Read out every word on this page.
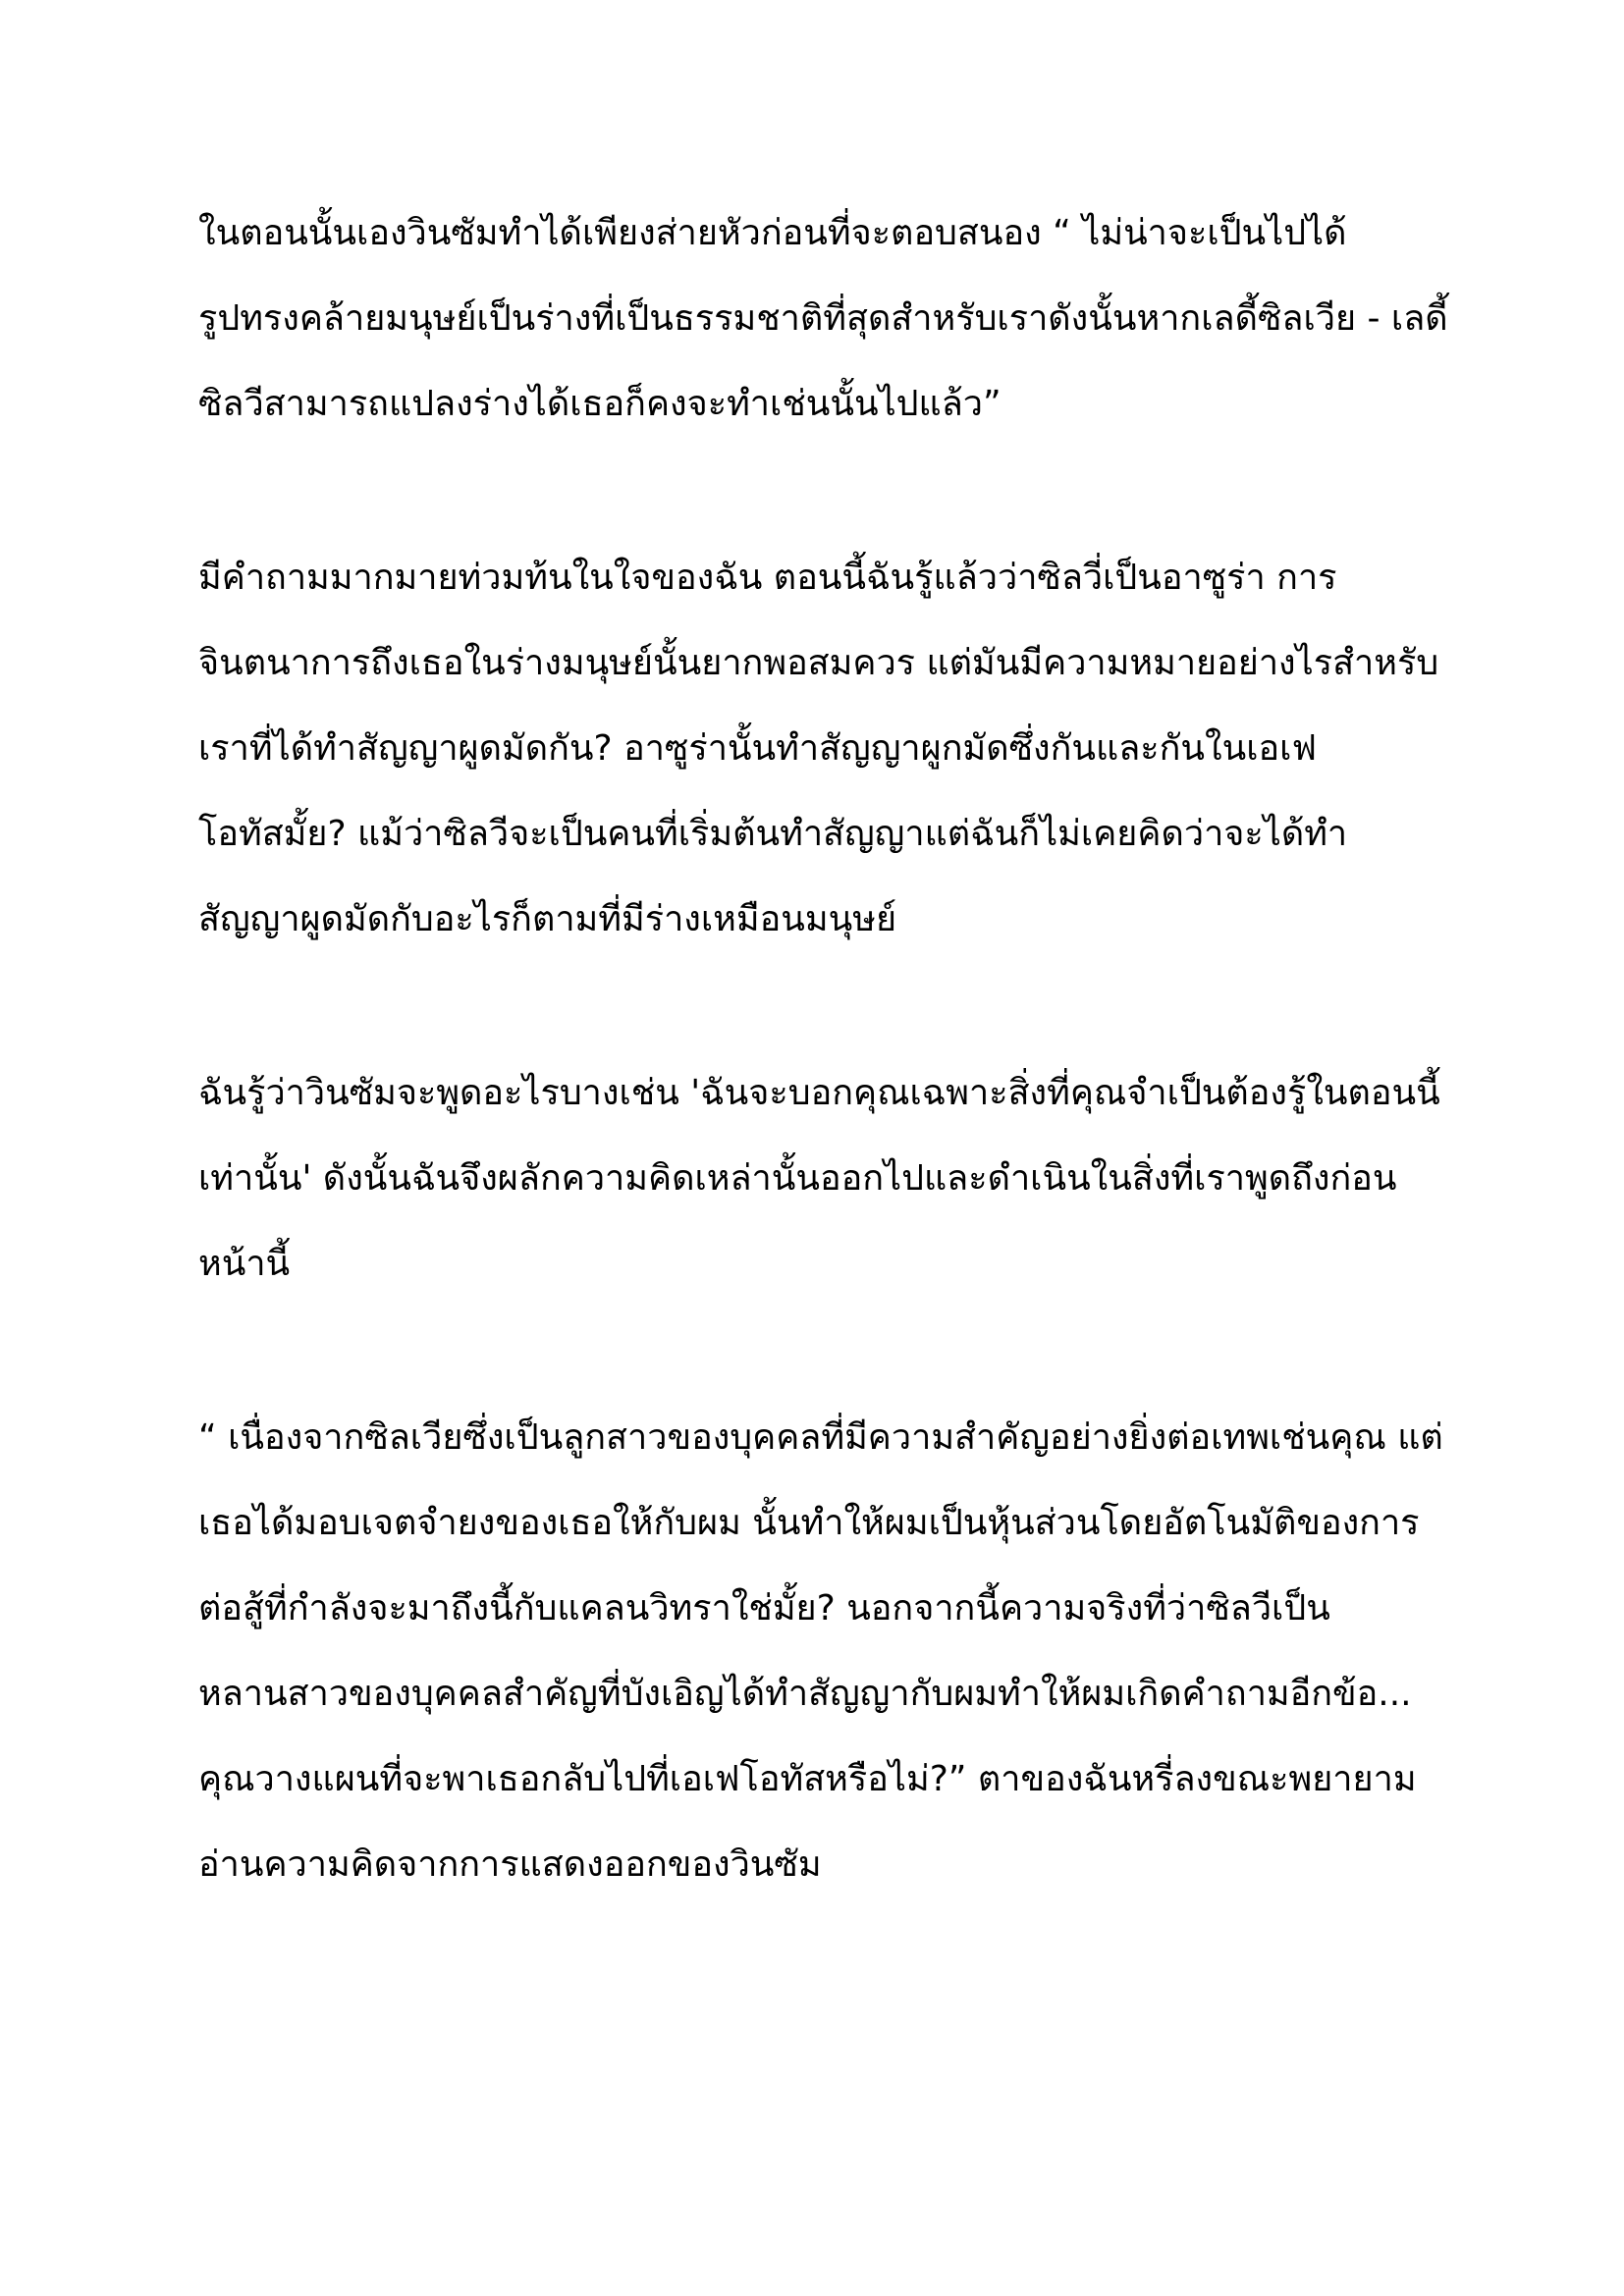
ในตอนนั้นเองวินซัมทำได้เพียงส่ายหัวก่อนที่จะตอบสนอง “ ไม่น่าจะเป็นไปได้
รูปทรงคล้ายมนุษย์เป็นร่างที่เป็นธรรมชาติที่สุดสำหรับเราดังนั้นหากเลดี้ซิลเวีย - เลดี้
ซิลวีสามารถแปลงร่างได้เธอก็คงจะทำเช่นนั้นไปแล้ว”
มีคำถามมากมายท่วมท้นในใจของฉัน ตอนนี้ฉันรู้แล้วว่าซิลวี่เป็นอาซูร่า การ
จินตนาการถึงเธอในร่างมนุษย์นั้นยากพอสมควร แต่มันมีความหมายอย่างไรสำหรับ
เราที่ได้ทำสัญญาผูดมัดกัน? อาซูร่านั้นทำสัญญาผูกมัดซึ่งกันและกันในเอเฟ
โอทัสมั้ย? แม้ว่าซิลวีจะเป็นคนที่เริ่มต้นทำสัญญาแต่ฉันก็ไม่เคยคิดว่าจะได้ทำ
สัญญาผูดมัดกับอะไรก็ตามที่มีร่างเหมือนมนุษย์
ฉันรู้ว่าวินซัมจะพูดอะไรบางเช่น 'ฉันจะบอกคุณเฉพาะสิ่งที่คุณจำเป็นต้องรู้ในตอนนี้
เท่านั้น' ดังนั้นฉันจึงผลักความคิดเหล่านั้นออกไปและดำเนินในสิ่งที่เราพูดถึงก่อน
หน้านี้
“ เนื่องจากซิลเวียซึ่งเป็นลูกสาวของบุคคลที่มีความสำคัญอย่างยิ่งต่อเทพเช่นคุณ แต่
เธอได้มอบเจตจำยงของเธอให้กับผม นั้นทำให้ผมเป็นหุ้นส่วนโดยอัตโนมัติของการ
ต่อสู้ที่กำลังจะมาถึงนี้กับแคลนวิทราใช่มั้ย? นอกจากนี้ความจริงที่ว่าซิลวีเป็น
หลานสาวของบุคคลสำคัญที่บังเอิญได้ทำสัญญากับผมทำให้ผมเกิดคำถามอีกข้อ...
คุณวางแผนที่จะพาเธอกลับไปที่เอเฟโอทัสหรือไม่?” ตาของฉันหรี่ลงขณะพยายาม
อ่านความคิดจากการแสดงออกของวินซัม
